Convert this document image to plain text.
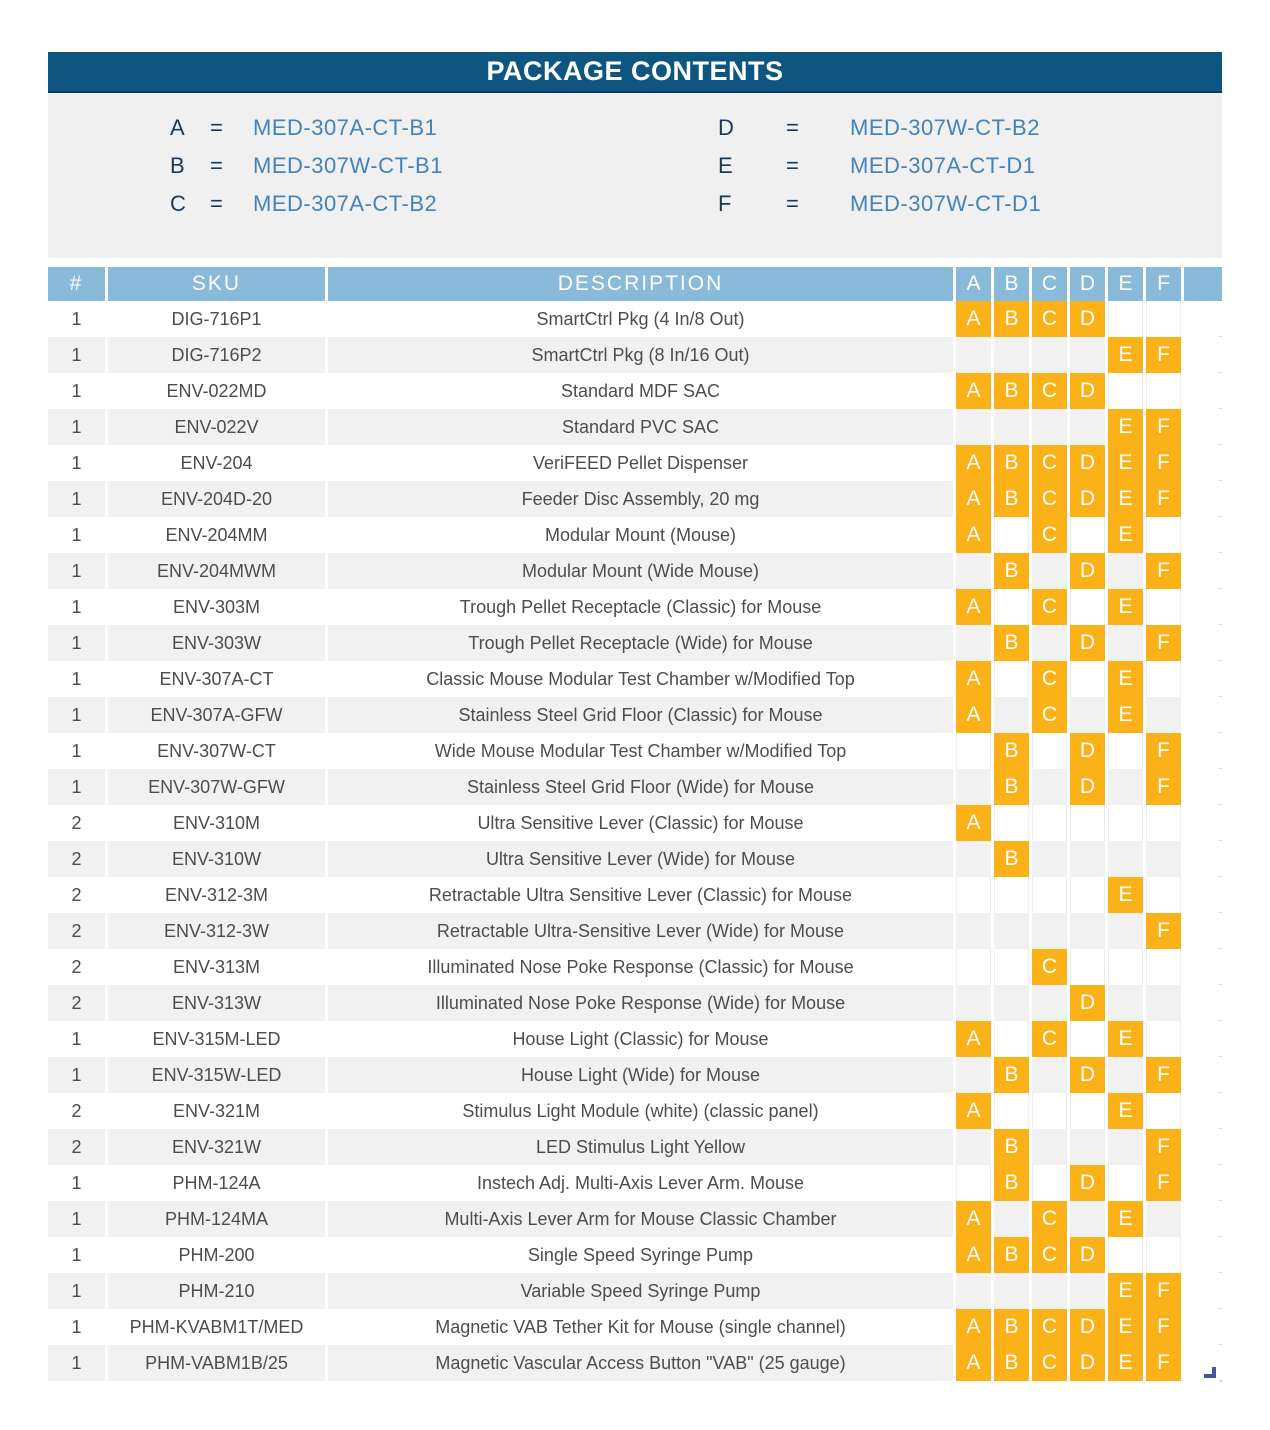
PACKAGE CONTENTS
A	=	MED-307A-CT-B1
B	=	MED-307W-CT-B1
C	=	MED-307A-CT-B2
D	=	MED-307W-CT-B2
E	=	MED-307A-CT-D1
F	=	MED-307W-CT-D1
#	SKU	DESCRIPTION	A	B	C	D	E	F
1	DIG-716P1	SmartCtrl Pkg (4 In/8 Out)	A	B	C	D
1	DIG-716P2	SmartCtrl Pkg (8 In/16 Out)	E	F
1	ENV-022MD	Standard MDF SAC	A	B	C	D
1	ENV-022V	Standard PVC SAC	E	F
1	ENV-204	VeriFEED Pellet Dispenser	A	B	C	D	E	F
1	ENV-204D-20	Feeder Disc Assembly, 20 mg	A	B	C	D	E	F
1	ENV-204MM	Modular Mount (Mouse)	A	C	E
1	ENV-204MWM	Modular Mount (Wide Mouse)	B	D	F
1	ENV-303M	Trough Pellet Receptacle (Classic) for Mouse	A	C	E
1	ENV-303W	Trough Pellet Receptacle (Wide) for Mouse	B	D	F
1	ENV-307A-CT	Classic Mouse Modular Test Chamber w/Modified Top	A	C	E
1	ENV-307A-GFW	Stainless Steel Grid Floor (Classic) for Mouse	A	C	E
1	ENV-307W-CT	Wide Mouse Modular Test Chamber w/Modified Top	B	D	F
1	ENV-307W-GFW	Stainless Steel Grid Floor (Wide) for Mouse	B	D	F
2	ENV-310M	Ultra Sensitive Lever (Classic) for Mouse	A
2	ENV-310W	Ultra Sensitive Lever (Wide) for Mouse	B
2	ENV-312-3M	Retractable Ultra Sensitive Lever (Classic) for Mouse	E
2	ENV-312-3W	Retractable Ultra-Sensitive Lever (Wide) for Mouse	F
2	ENV-313M	Illuminated Nose Poke Response (Classic) for Mouse	C
2	ENV-313W	Illuminated Nose Poke Response (Wide) for Mouse	D
1	ENV-315M-LED	House Light (Classic) for Mouse	A	C	E
1	ENV-315W-LED	House Light (Wide) for Mouse	B	D	F
2	ENV-321M	Stimulus Light Module (white) (classic panel)	A	E
2	ENV-321W	LED Stimulus Light Yellow	B	F
1	PHM-124A	Instech Adj. Multi-Axis Lever Arm. Mouse	B	D	F
1	PHM-124MA	Multi-Axis Lever Arm for Mouse Classic Chamber	A	C	E
1	PHM-200	Single Speed Syringe Pump	A	B	C	D
1	PHM-210	Variable Speed Syringe Pump	E	F
1	PHM-KVABM1T/MED	Magnetic VAB Tether Kit for Mouse (single channel)	A	B	C	D	E	F
1	PHM-VABM1B/25	Magnetic Vascular Access Button "VAB" (25 gauge)	A	B	C	D	E	F
